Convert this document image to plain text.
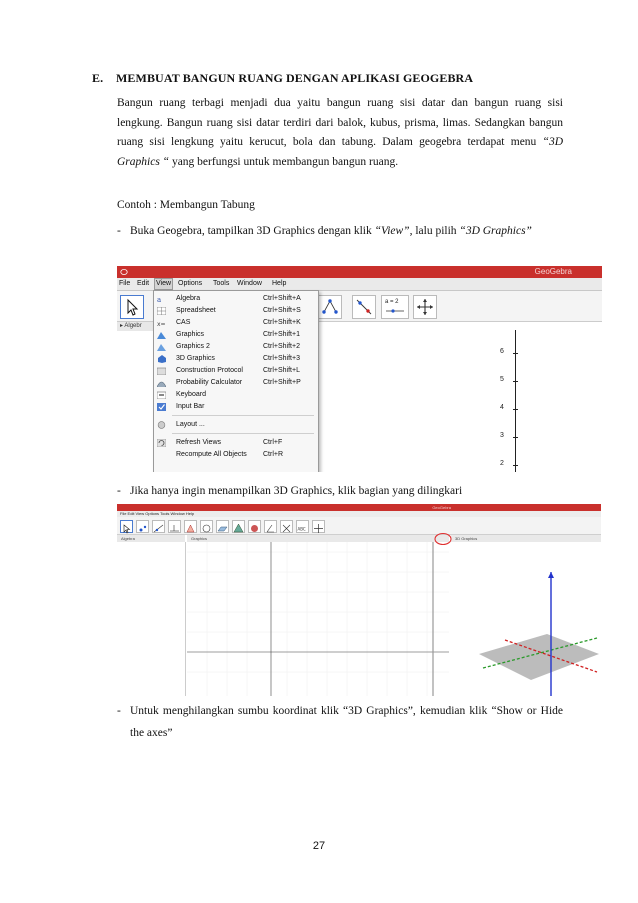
E. MEMBUAT BANGUN RUANG DENGAN APLIKASI GEOGEBRA
Bangun ruang terbagi menjadi dua yaitu bangun ruang sisi datar dan bangun ruang sisi lengkung. Bangun ruang sisi datar terdiri dari balok, kubus, prisma, limas. Sedangkan bangun ruang sisi lengkung yaitu kerucut, bola dan tabung. Dalam geogebra terdapat menu “3D Graphics “ yang berfungsi untuk membangun bangun ruang.
Contoh : Membangun Tabung
- Buka Geogebra, tampilkan 3D Graphics dengan klik “View”, lalu pilih “3D Graphics”
GeoGebra
File Edit View Options Tools Window Help
a = 2
▸ Algebr
6
5
4
3
2
a Algebra	Ctrl+Shift+A
Spreadsheet	Ctrl+Shift+S
x= CAS	Ctrl+Shift+K
Graphics	Ctrl+Shift+1
Graphics 2	Ctrl+Shift+2
3D Graphics	Ctrl+Shift+3
Construction Protocol	Ctrl+Shift+L
Probability Calculator	Ctrl+Shift+P
Keyboard
Input Bar
Layout ...
Refresh Views	Ctrl+F
Recompute All Objects Ctrl+R
- Jika hanya ingin menampilkan 3D Graphics, klik bagian yang dilingkari
GeoGebra
File Edit View Options Tools Window Help
ABC
Algebra	Graphics	3D Graphics
- Untuk menghilangkan sumbu koordinat klik “3D Graphics”, kemudian klik “Show or Hide the axes”
27
